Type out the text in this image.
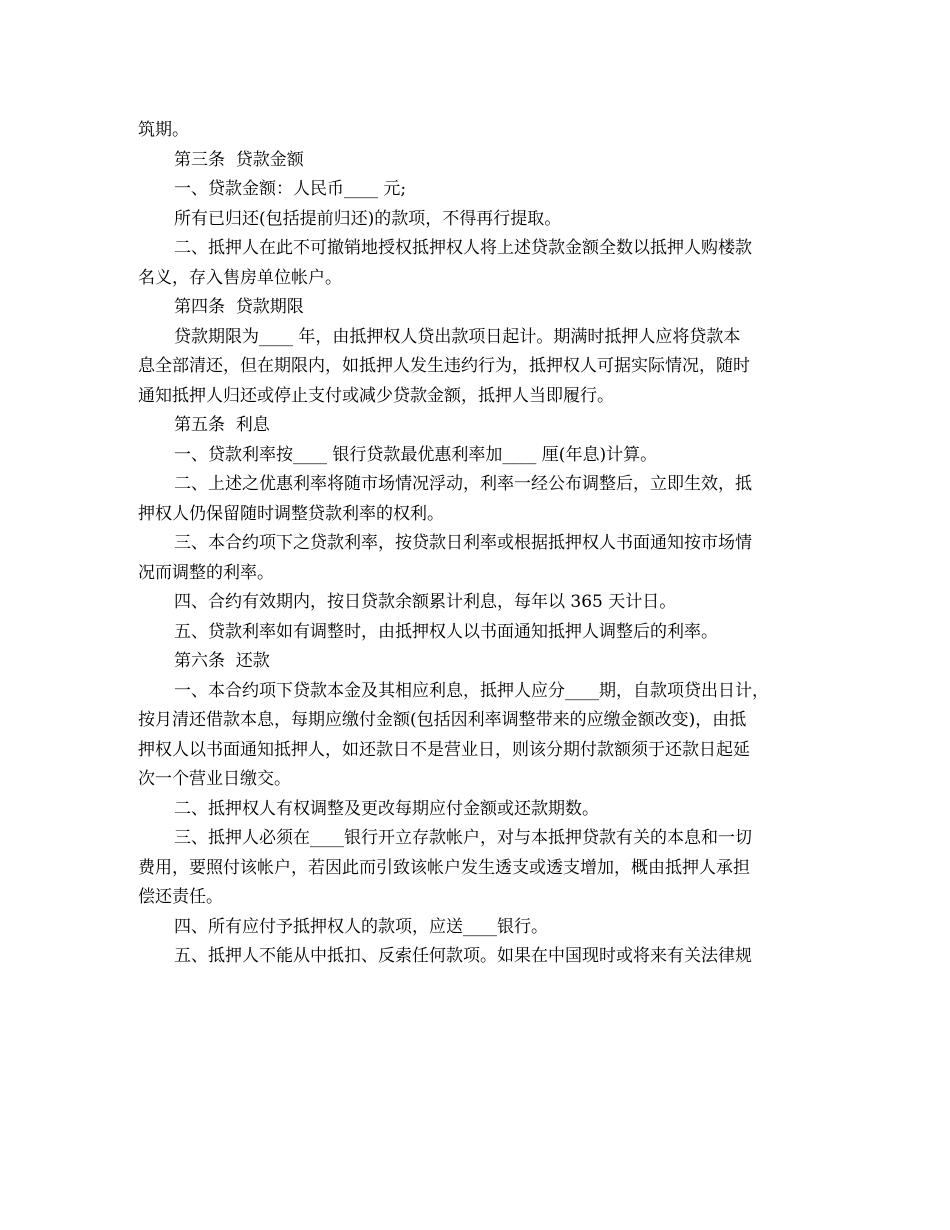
筑期。
第三条  贷款金额
一、贷款金额：人民币____ 元;
所有已归还(包括提前归还)的款项，不得再行提取。
二、抵押人在此不可撤销地授权抵押权人将上述贷款金额全数以抵押人购楼款
名义，存入售房单位帐户。
第四条  贷款期限
贷款期限为____ 年，由抵押权人贷出款项日起计。期满时抵押人应将贷款本
息全部清还，但在期限内，如抵押人发生违约行为，抵押权人可据实际情况，随时
通知抵押人归还或停止支付或减少贷款金额，抵押人当即履行。
第五条  利息
一、贷款利率按____ 银行贷款最优惠利率加____ 厘(年息)计算。
二、上述之优惠利率将随市场情况浮动，利率一经公布调整后，立即生效，抵
押权人仍保留随时调整贷款利率的权利。
三、本合约项下之贷款利率，按贷款日利率或根据抵押权人书面通知按市场情
况而调整的利率。
四、合约有效期内，按日贷款余额累计利息，每年以 365 天计日。
五、贷款利率如有调整时，由抵押权人以书面通知抵押人调整后的利率。
第六条  还款
一、本合约项下贷款本金及其相应利息，抵押人应分____期，自款项贷出日计，
按月清还借款本息，每期应缴付金额(包括因利率调整带来的应缴金额改变)，由抵
押权人以书面通知抵押人，如还款日不是营业日，则该分期付款额须于还款日起延
次一个营业日缴交。
二、抵押权人有权调整及更改每期应付金额或还款期数。
三、抵押人必须在____银行开立存款帐户，对与本抵押贷款有关的本息和一切
费用，要照付该帐户，若因此而引致该帐户发生透支或透支增加，概由抵押人承担
偿还责任。
四、所有应付予抵押权人的款项，应送____银行。
五、抵押人不能从中抵扣、反索任何款项。如果在中国现时或将来有关法律规
